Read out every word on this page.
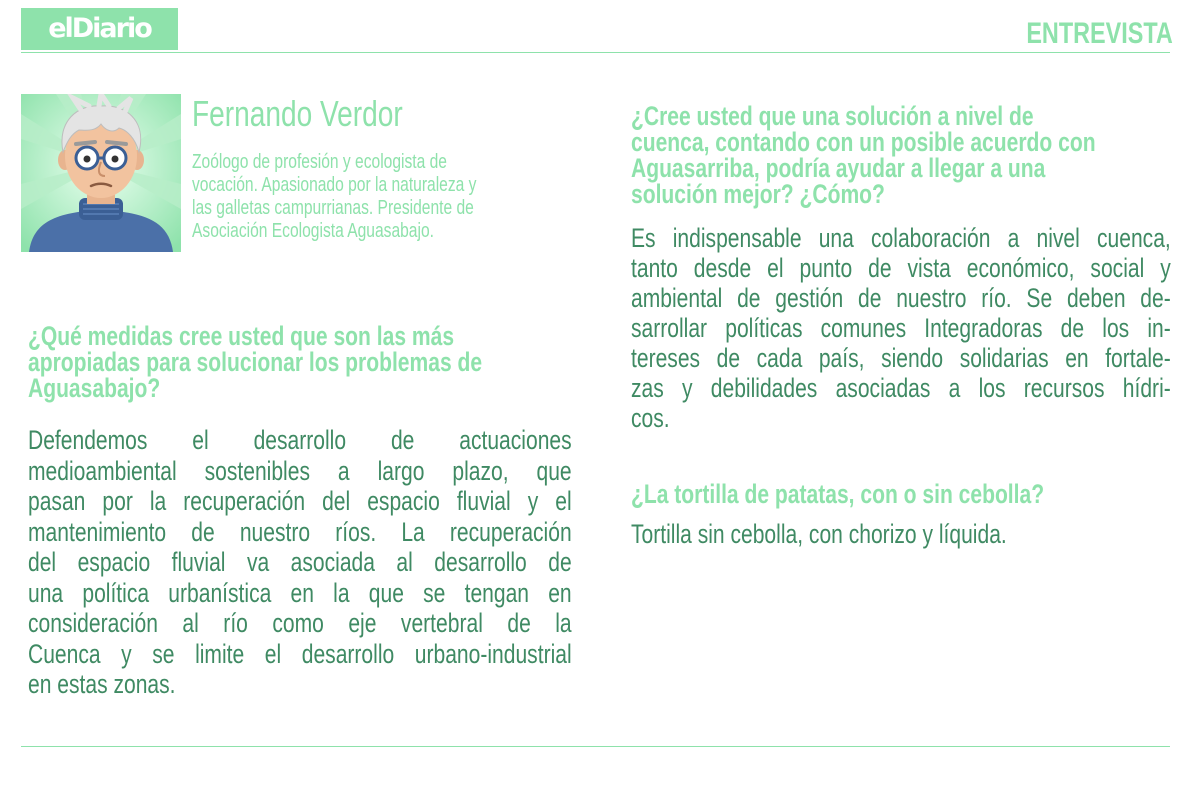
elDiario	ENTREVISTA
Fernando Verdor
Zoólogo de profesión y ecologista de
vocación. Apasionado por la naturaleza y
las galletas campurrianas. Presidente de
Asociación Ecologista Aguasabajo.
¿Qué medidas cree usted que son las más
apropiadas para solucionar los problemas de
Aguasabajo?
Defendemos el desarrollo de actuaciones
medioambiental sostenibles a largo plazo, que
pasan por la recuperación del espacio fluvial y el
mantenimiento de nuestro ríos. La recuperación
del espacio fluvial va asociada al desarrollo de
una política urbanística en la que se tengan en
consideración al río como eje vertebral de la
Cuenca y se limite el desarrollo urbano-industrial
en estas zonas.
¿Cree usted que una solución a nivel de
cuenca, contando con un posible acuerdo con
Aguasarriba, podría ayudar a llegar a una
solución mejor? ¿Cómo?
Es indispensable una colaboración a nivel cuenca,
tanto desde el punto de vista económico, social y
ambiental de gestión de nuestro río. Se deben de-
sarrollar políticas comunes Integradoras de los in-
tereses de cada país, siendo solidarias en fortale-
zas y debilidades asociadas a los recursos hídri-
cos.
¿La tortilla de patatas, con o sin cebolla?
Tortilla sin cebolla, con chorizo y líquida.
